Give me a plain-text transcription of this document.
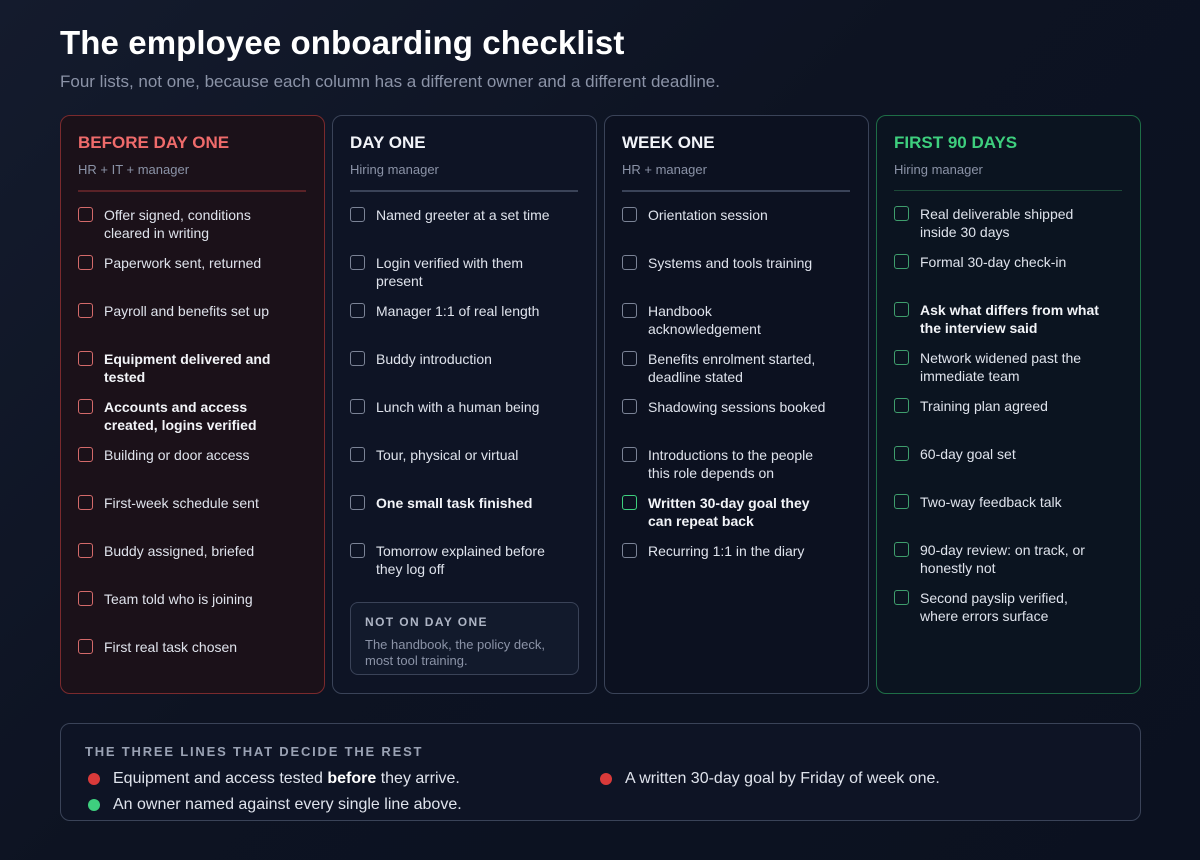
The employee onboarding checklist
Four lists, not one, because each column has a different owner and a different deadline.
BEFORE DAY ONE
HR + IT + manager
Offer signed, conditions cleared in writing
Paperwork sent, returned
Payroll and benefits set up
Equipment delivered and tested
Accounts and access created, logins verified
Building or door access
First-week schedule sent
Buddy assigned, briefed
Team told who is joining
First real task chosen
DAY ONE
Hiring manager
Named greeter at a set time
Login verified with them present
Manager 1:1 of real length
Buddy introduction
Lunch with a human being
Tour, physical or virtual
One small task finished
Tomorrow explained before they log off
NOT ON DAY ONE
The handbook, the policy deck, most tool training.
WEEK ONE
HR + manager
Orientation session
Systems and tools training
Handbook acknowledgement
Benefits enrolment started, deadline stated
Shadowing sessions booked
Introductions to the people this role depends on
Written 30-day goal they can repeat back
Recurring 1:1 in the diary
FIRST 90 DAYS
Hiring manager
Real deliverable shipped inside 30 days
Formal 30-day check-in
Ask what differs from what the interview said
Network widened past the immediate team
Training plan agreed
60-day goal set
Two-way feedback talk
90-day review: on track, or honestly not
Second payslip verified, where errors surface
THE THREE LINES THAT DECIDE THE REST
Equipment and access tested before they arrive.	A written 30-day goal by Friday of week one.
An owner named against every single line above.
